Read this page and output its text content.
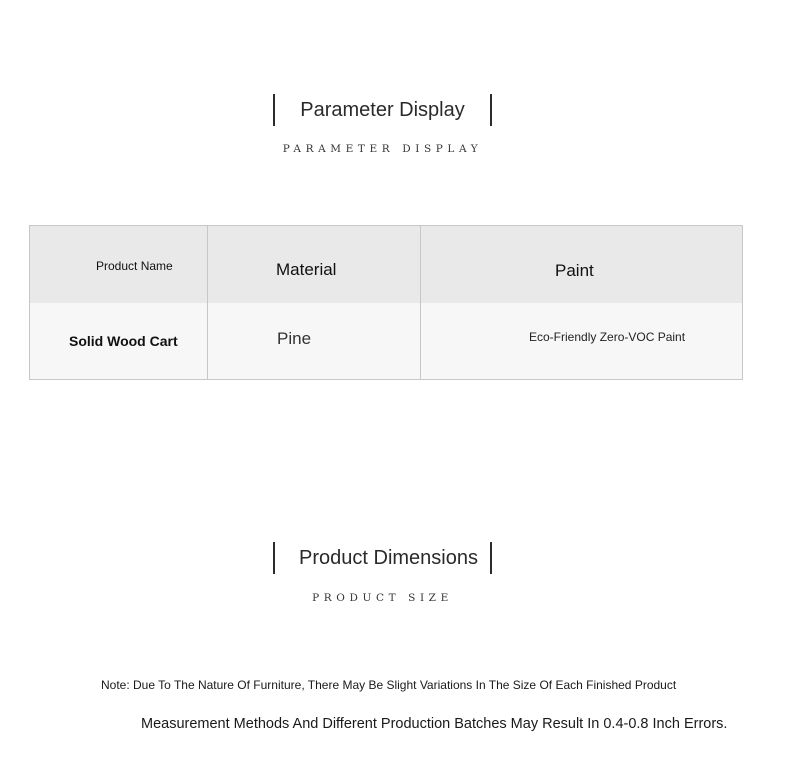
Parameter Display
PARAMETER DISPLAY
Product Name	Material	Paint
Solid Wood Cart	Pine	Eco-Friendly Zero-VOC Paint
Product Dimensions
PRODUCT SIZE
Note: Due To The Nature Of Furniture, There May Be Slight Variations In The Size Of Each Finished Product
Measurement Methods And Different Production Batches May Result In 0.4-0.8 Inch Errors.
